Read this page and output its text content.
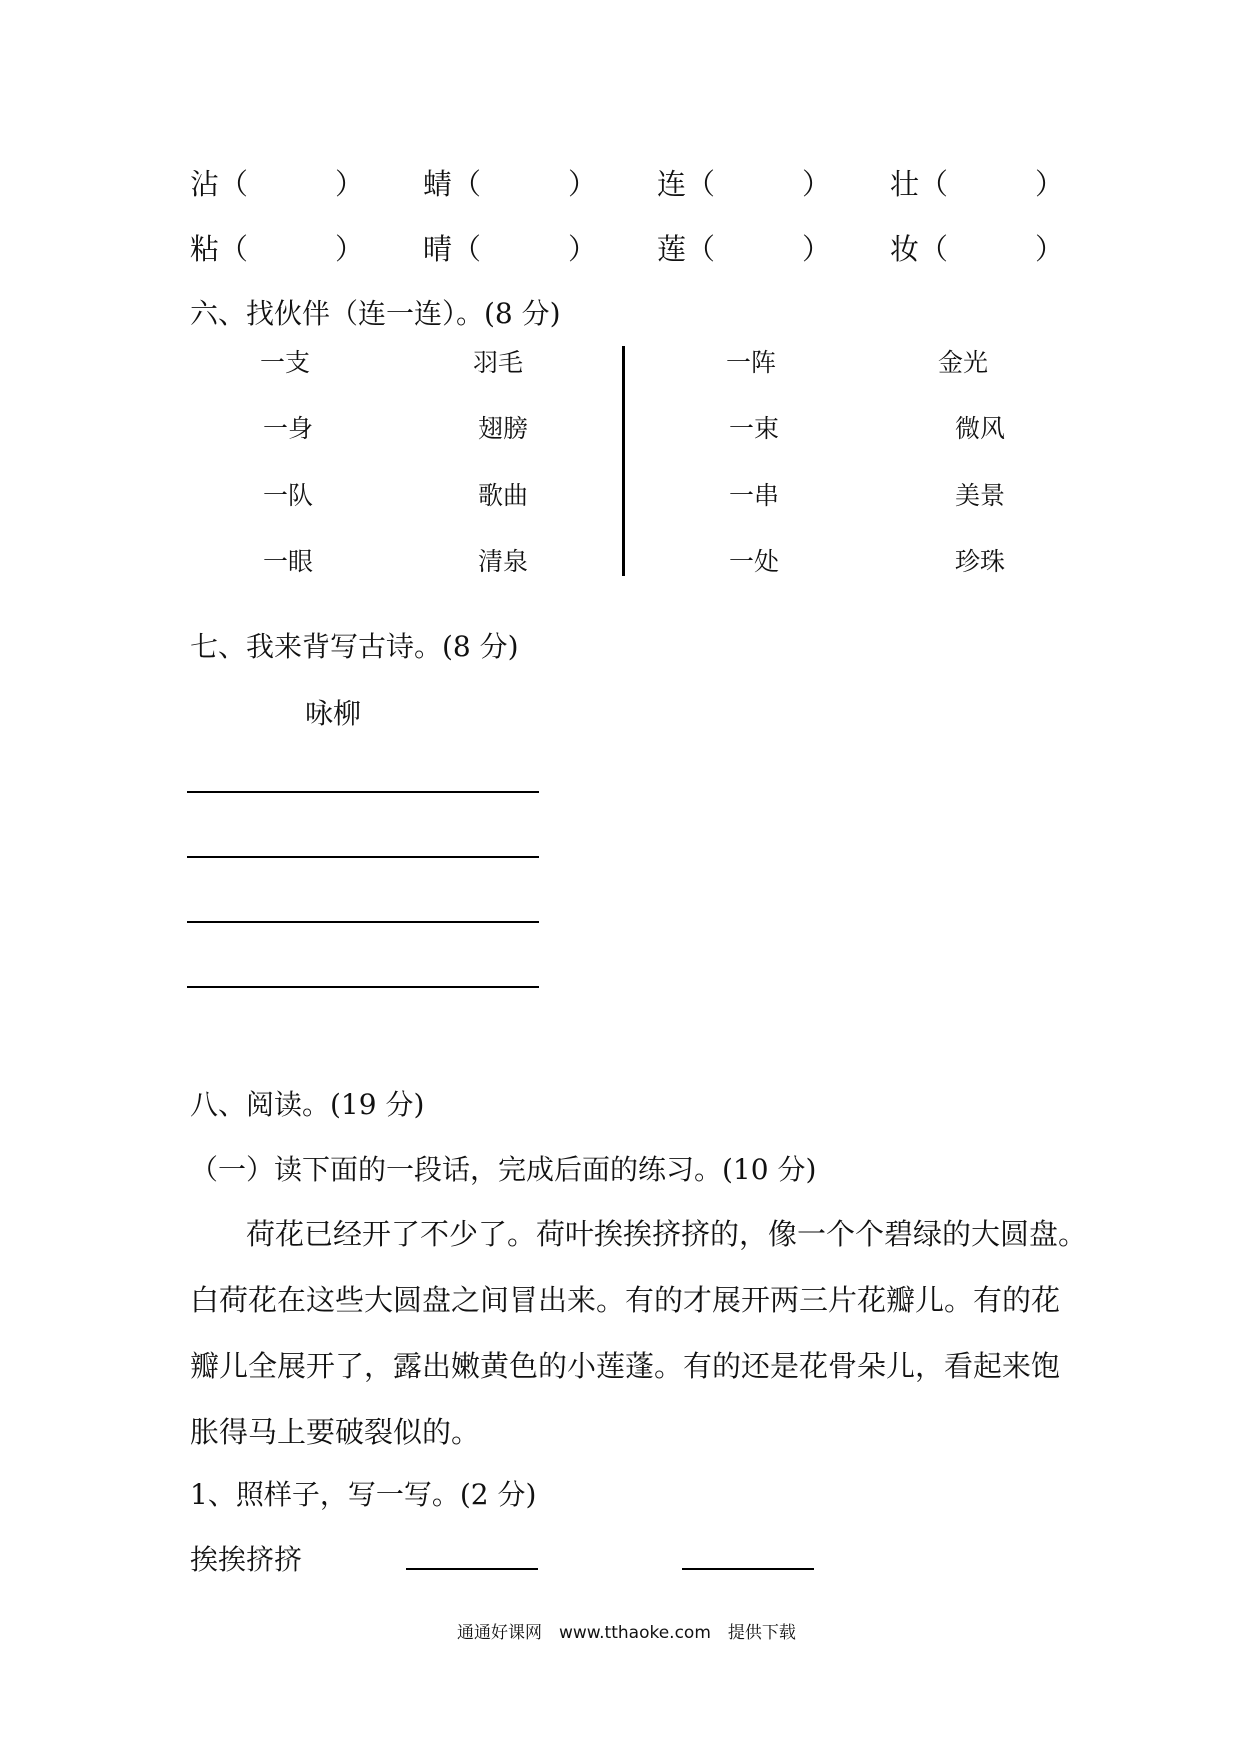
沾（　　　） 蜻（　　　） 连（　　　） 壮（　　　）
粘（　　　） 晴（　　　） 莲（　　　） 妆（　　　）
六、找伙伴（连一连）。(8 分)
一支
一身
一队
一眼
羽毛
翅膀
歌曲
清泉
一阵
一束
一串
一处
金光
微风
美景
珍珠
七、我来背写古诗。(8 分)
咏柳
八、阅读。(19 分)
（一）读下面的一段话，完成后面的练习。(10 分)
荷花已经开了不少了。荷叶挨挨挤挤的，像一个个碧绿的大圆盘。
白荷花在这些大圆盘之间冒出来。有的才展开两三片花瓣儿。有的花
瓣儿全展开了，露出嫩黄色的小莲蓬。有的还是花骨朵儿，看起来饱
胀得马上要破裂似的。
1、照样子，写一写。(2 分)
挨挨挤挤
通通好课网　www.tthaoke.com　提供下载
